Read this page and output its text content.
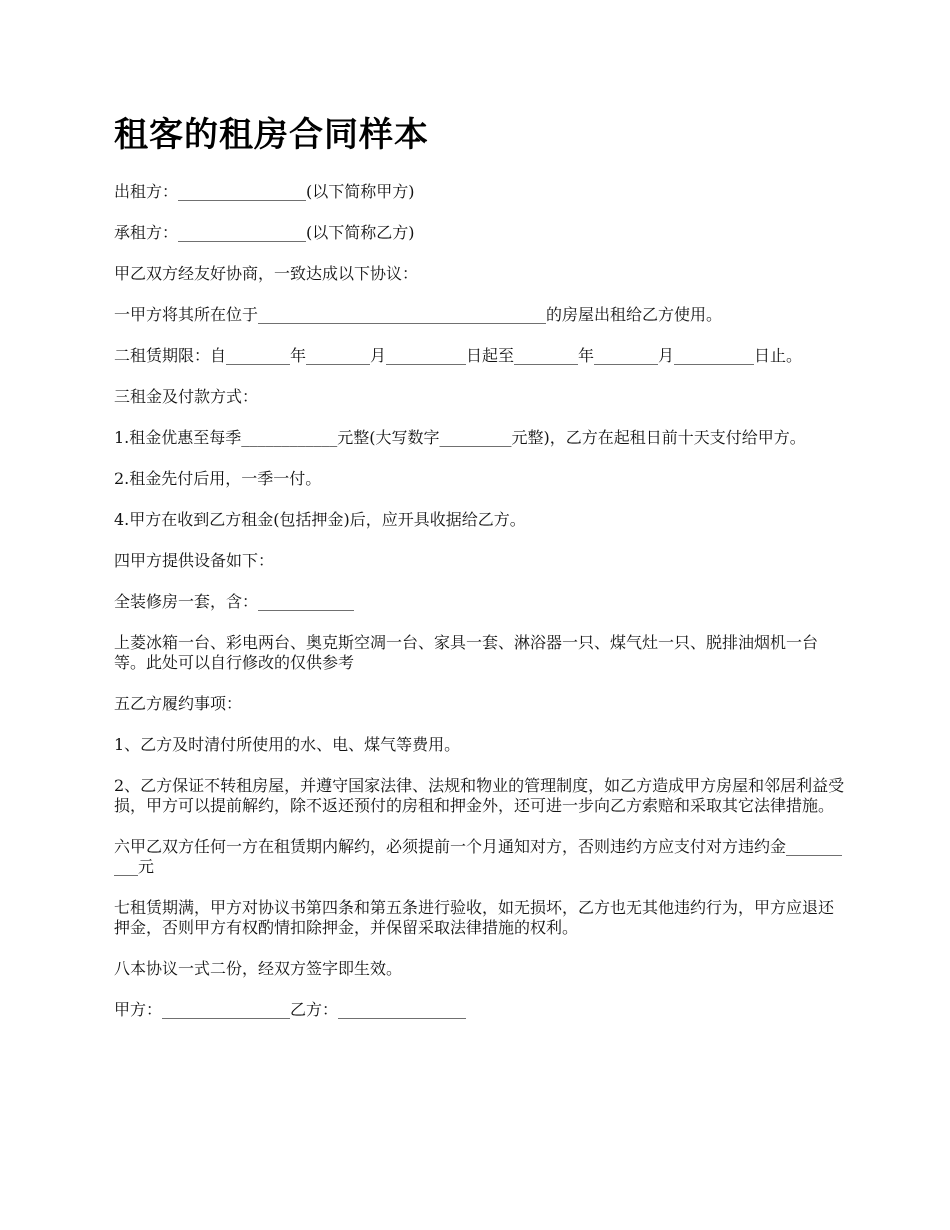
租客的租房合同样本

出租方：________________(以下简称甲方)

承租方：________________(以下简称乙方)

甲乙双方经友好协商，一致达成以下协议：

一甲方将其所在位于____________________________________的房屋出租给乙方使用。

二租赁期限：自________年________月__________日起至________年________月__________日止。

三租金及付款方式：

1.租金优惠至每季____________元整(大写数字_________元整)，乙方在起租日前十天支付给甲方。

2.租金先付后用，一季一付。

4.甲方在收到乙方租金(包括押金)后，应开具收据给乙方。

四甲方提供设备如下：

全装修房一套，含：____________

上菱冰箱一台、彩电两台、奥克斯空凋一台、家具一套、淋浴器一只、煤气灶一只、脱排油烟机一台等。此处可以自行修改的仅供参考

五乙方履约事项：

1、乙方及时清付所使用的水、电、煤气等费用。

2、乙方保证不转租房屋，并遵守国家法律、法规和物业的管理制度，如乙方造成甲方房屋和邻居利益受损，甲方可以提前解约，除不返还预付的房租和押金外，还可进一步向乙方索赔和采取其它法律措施。

六甲乙双方任何一方在租赁期内解约，必须提前一个月通知对方，否则违约方应支付对方违约金__________元

七租赁期满，甲方对协议书第四条和第五条进行验收，如无损坏，乙方也无其他违约行为，甲方应退还押金，否则甲方有权酌情扣除押金，并保留采取法律措施的权利。

八本协议一式二份，经双方签字即生效。

甲方：________________乙方：________________
